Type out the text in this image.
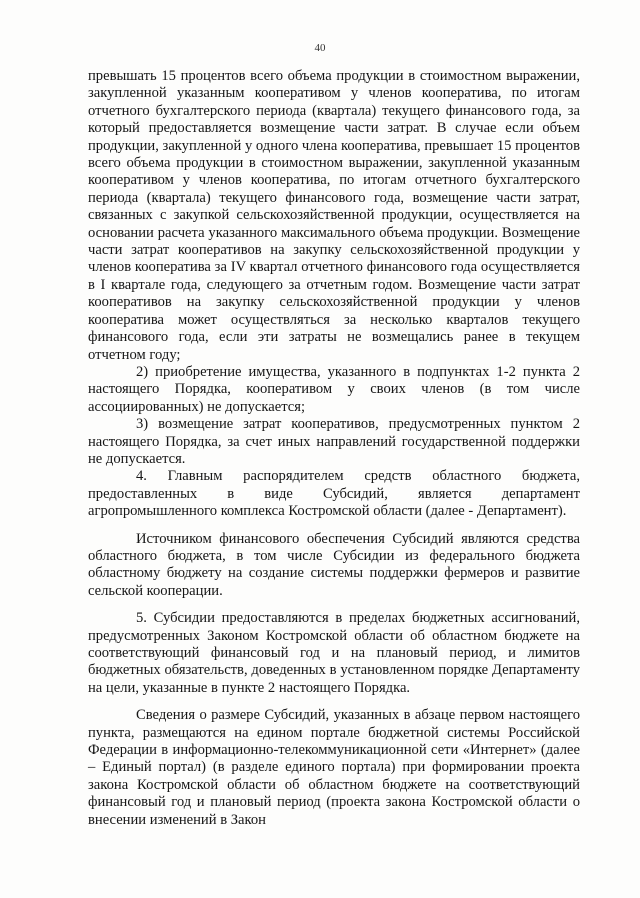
40

превышать 15 процентов всего объема продукции в стоимостном выражении, закупленной указанным кооперативом у членов кооператива, по итогам отчетного бухгалтерского периода (квартала) текущего финансового года, за который предоставляется возмещение части затрат. В случае если объем продукции, закупленной у одного члена кооператива, превышает 15 процентов всего объема продукции в стоимостном выражении, закупленной указанным кооперативом у членов кооператива, по итогам отчетного бухгалтерского периода (квартала) текущего финансового года, возмещение части затрат, связанных с закупкой сельскохозяйственной продукции, осуществляется на основании расчета указанного максимального объема продукции. Возмещение части затрат кооперативов на закупку сельскохозяйственной продукции у членов кооператива за IV квартал отчетного финансового года осуществляется в I квартале года, следующего за отчетным годом. Возмещение части затрат кооперативов на закупку сельскохозяйственной продукции у членов кооператива может осуществляться за несколько кварталов текущего финансового года, если эти затраты не возмещались ранее в текущем отчетном году;

2) приобретение имущества, указанного в подпунктах 1-2 пункта 2 настоящего Порядка, кооперативом у своих членов (в том числе ассоциированных) не допускается;

3) возмещение затрат кооперативов, предусмотренных пунктом 2 настоящего Порядка, за счет иных направлений государственной поддержки не допускается.

4. Главным распорядителем средств областного бюджета, предоставленных в виде Субсидий, является департамент агропромышленного комплекса Костромской области (далее - Департамент).

Источником финансового обеспечения Субсидий являются средства областного бюджета, в том числе Субсидии из федерального бюджета областному бюджету на создание системы поддержки фермеров и развитие сельской кооперации.

5. Субсидии предоставляются в пределах бюджетных ассигнований, предусмотренных Законом Костромской области об областном бюджете на соответствующий финансовый год и на плановый период, и лимитов бюджетных обязательств, доведенных в установленном порядке Департаменту на цели, указанные в пункте 2 настоящего Порядка.

Сведения о размере Субсидий, указанных в абзаце первом настоящего пункта, размещаются на едином портале бюджетной системы Российской Федерации в информационно-телекоммуникационной сети «Интернет» (далее – Единый портал) (в разделе единого портала) при формировании проекта закона Костромской области об областном бюджете на соответствующий финансовый год и плановый период (проекта закона Костромской области о внесении изменений в Закон
